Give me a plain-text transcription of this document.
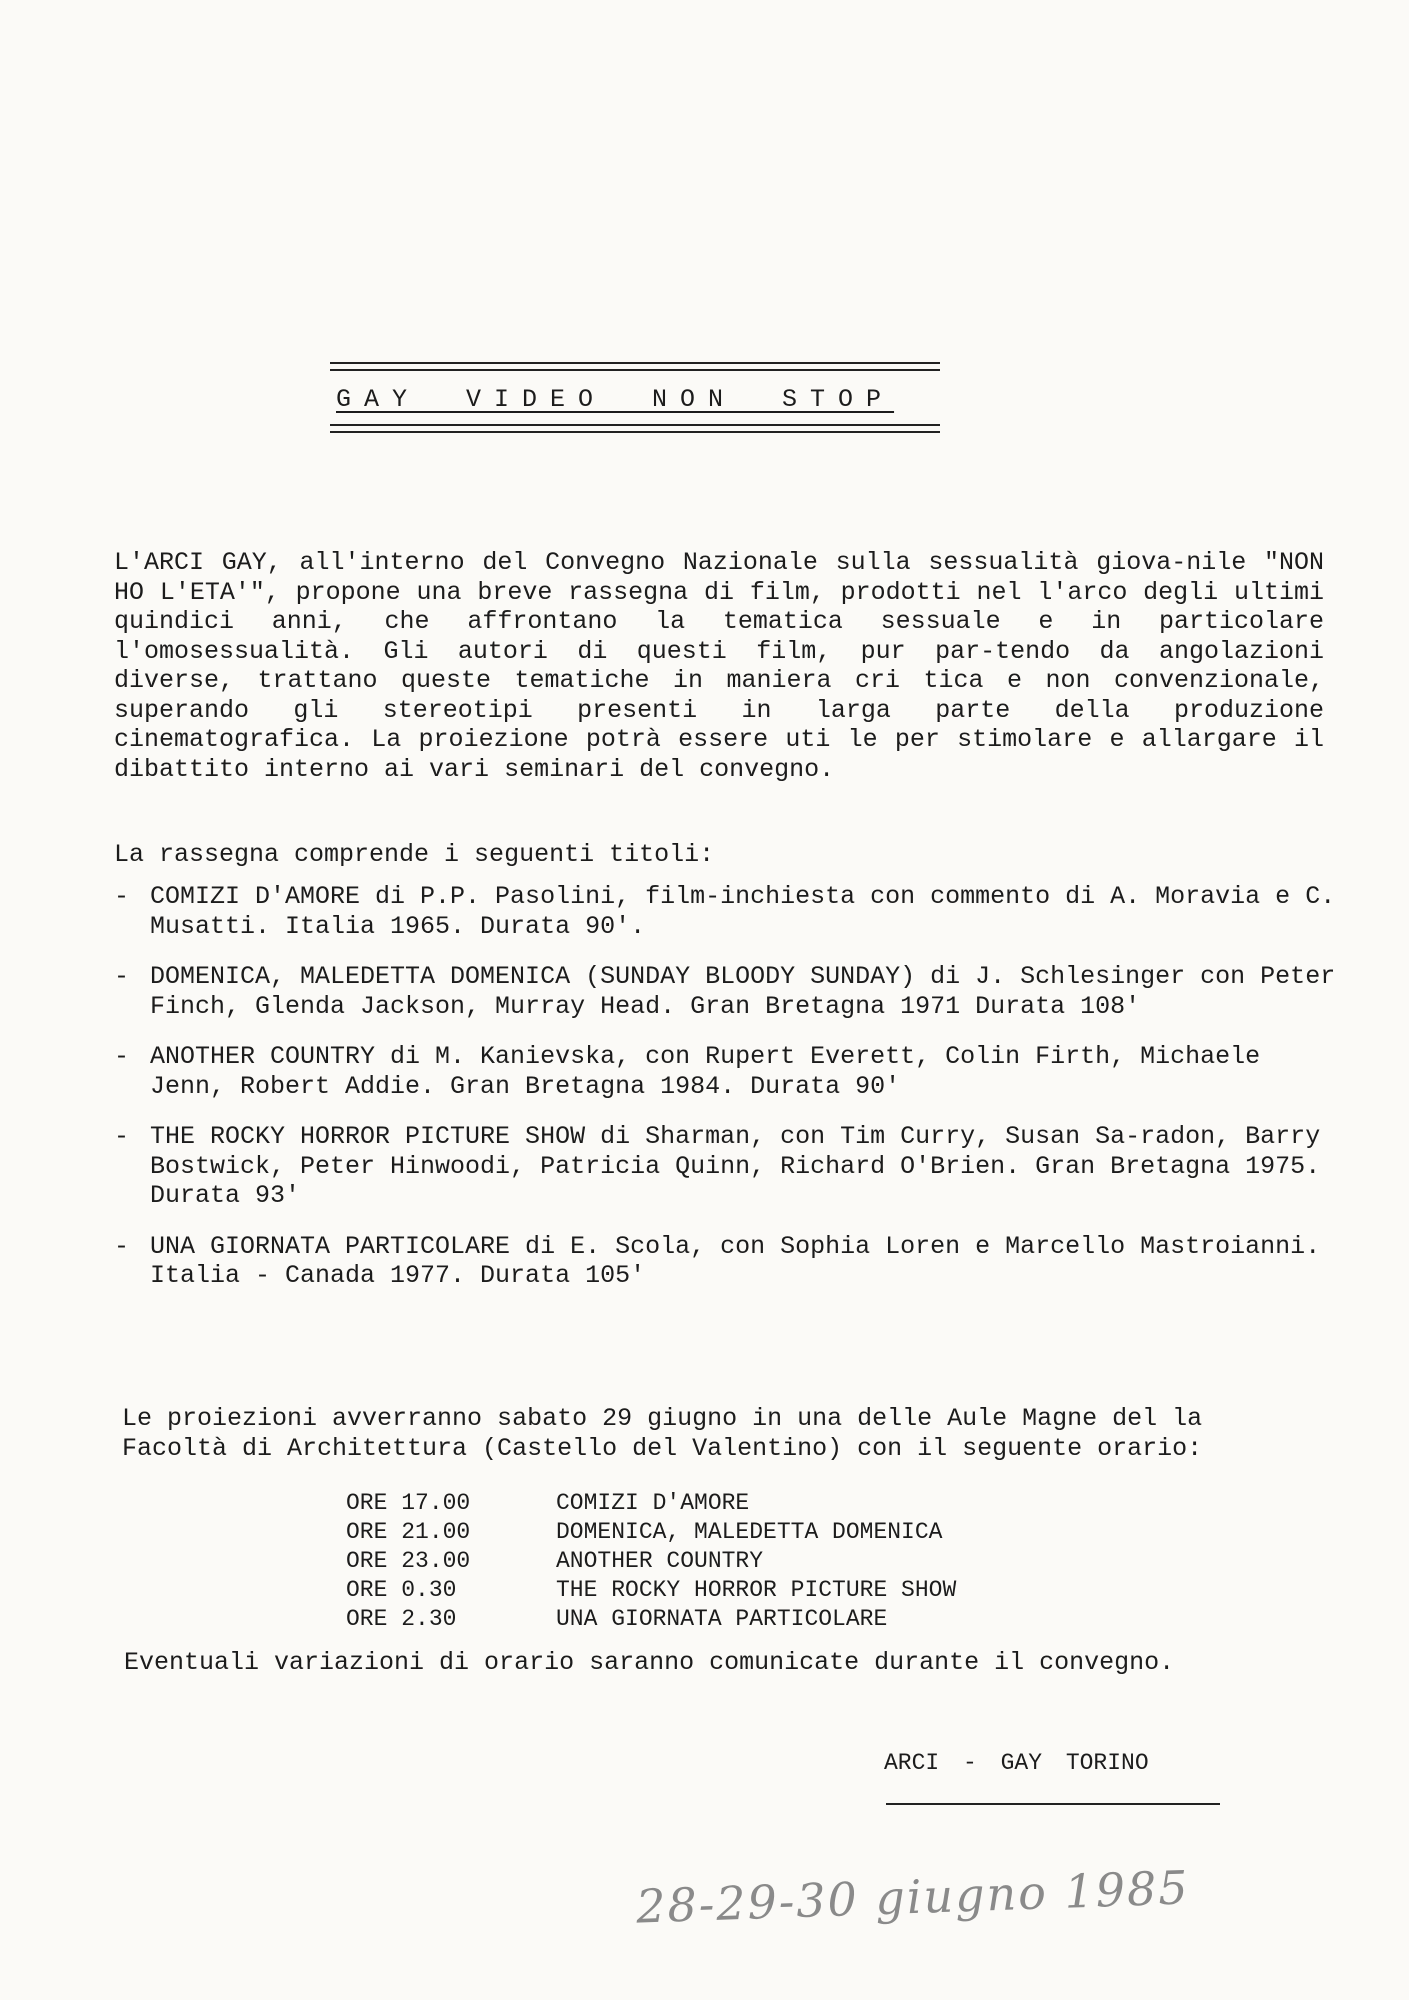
GAY VIDEO NON STOP

L'ARCI GAY, all'interno del Convegno Nazionale sulla sessualità giova-nile "NON HO L'ETA'", propone una breve rassegna di film, prodotti nel l'arco degli ultimi quindici anni, che affrontano la tematica sessuale e in particolare l'omosessualità. Gli autori di questi film, pur par-tendo da angolazioni diverse, trattano queste tematiche in maniera cri tica e non convenzionale, superando gli stereotipi presenti in larga parte della produzione cinematografica. La proiezione potrà essere uti le per stimolare e allargare il dibattito interno ai vari seminari del convegno.

La rassegna comprende i seguenti titoli:

- COMIZI D'AMORE di P.P. Pasolini, film-inchiesta con commento di A. Moravia e C. Musatti. Italia 1965. Durata 90'.
- DOMENICA, MALEDETTA DOMENICA (SUNDAY BLOODY SUNDAY) di J. Schlesinger con Peter Finch, Glenda Jackson, Murray Head. Gran Bretagna 1971 Durata 108'
- ANOTHER COUNTRY di M. Kanievska, con Rupert Everett, Colin Firth, Michaele Jenn, Robert Addie. Gran Bretagna 1984. Durata 90'
- THE ROCKY HORROR PICTURE SHOW di Sharman, con Tim Curry, Susan Sa-radon, Barry Bostwick, Peter Hinwoodi, Patricia Quinn, Richard O'Brien. Gran Bretagna 1975. Durata 93'
- UNA GIORNATA PARTICOLARE di E. Scola, con Sophia Loren e Marcello Mastroianni. Italia - Canada 1977. Durata 105'

Le proiezioni avverranno sabato 29 giugno in una delle Aule Magne del la Facoltà di Architettura (Castello del Valentino) con il seguente orario:

ORE 17.00	COMIZI D'AMORE
ORE 21.00	DOMENICA, MALEDETTA DOMENICA
ORE 23.00	ANOTHER COUNTRY
ORE 0.30	THE ROCKY HORROR PICTURE SHOW
ORE 2.30	UNA GIORNATA PARTICOLARE

Eventuali variazioni di orario saranno comunicate durante il convegno.

ARCI - GAY TORINO

28-29-30 giugno 1985
